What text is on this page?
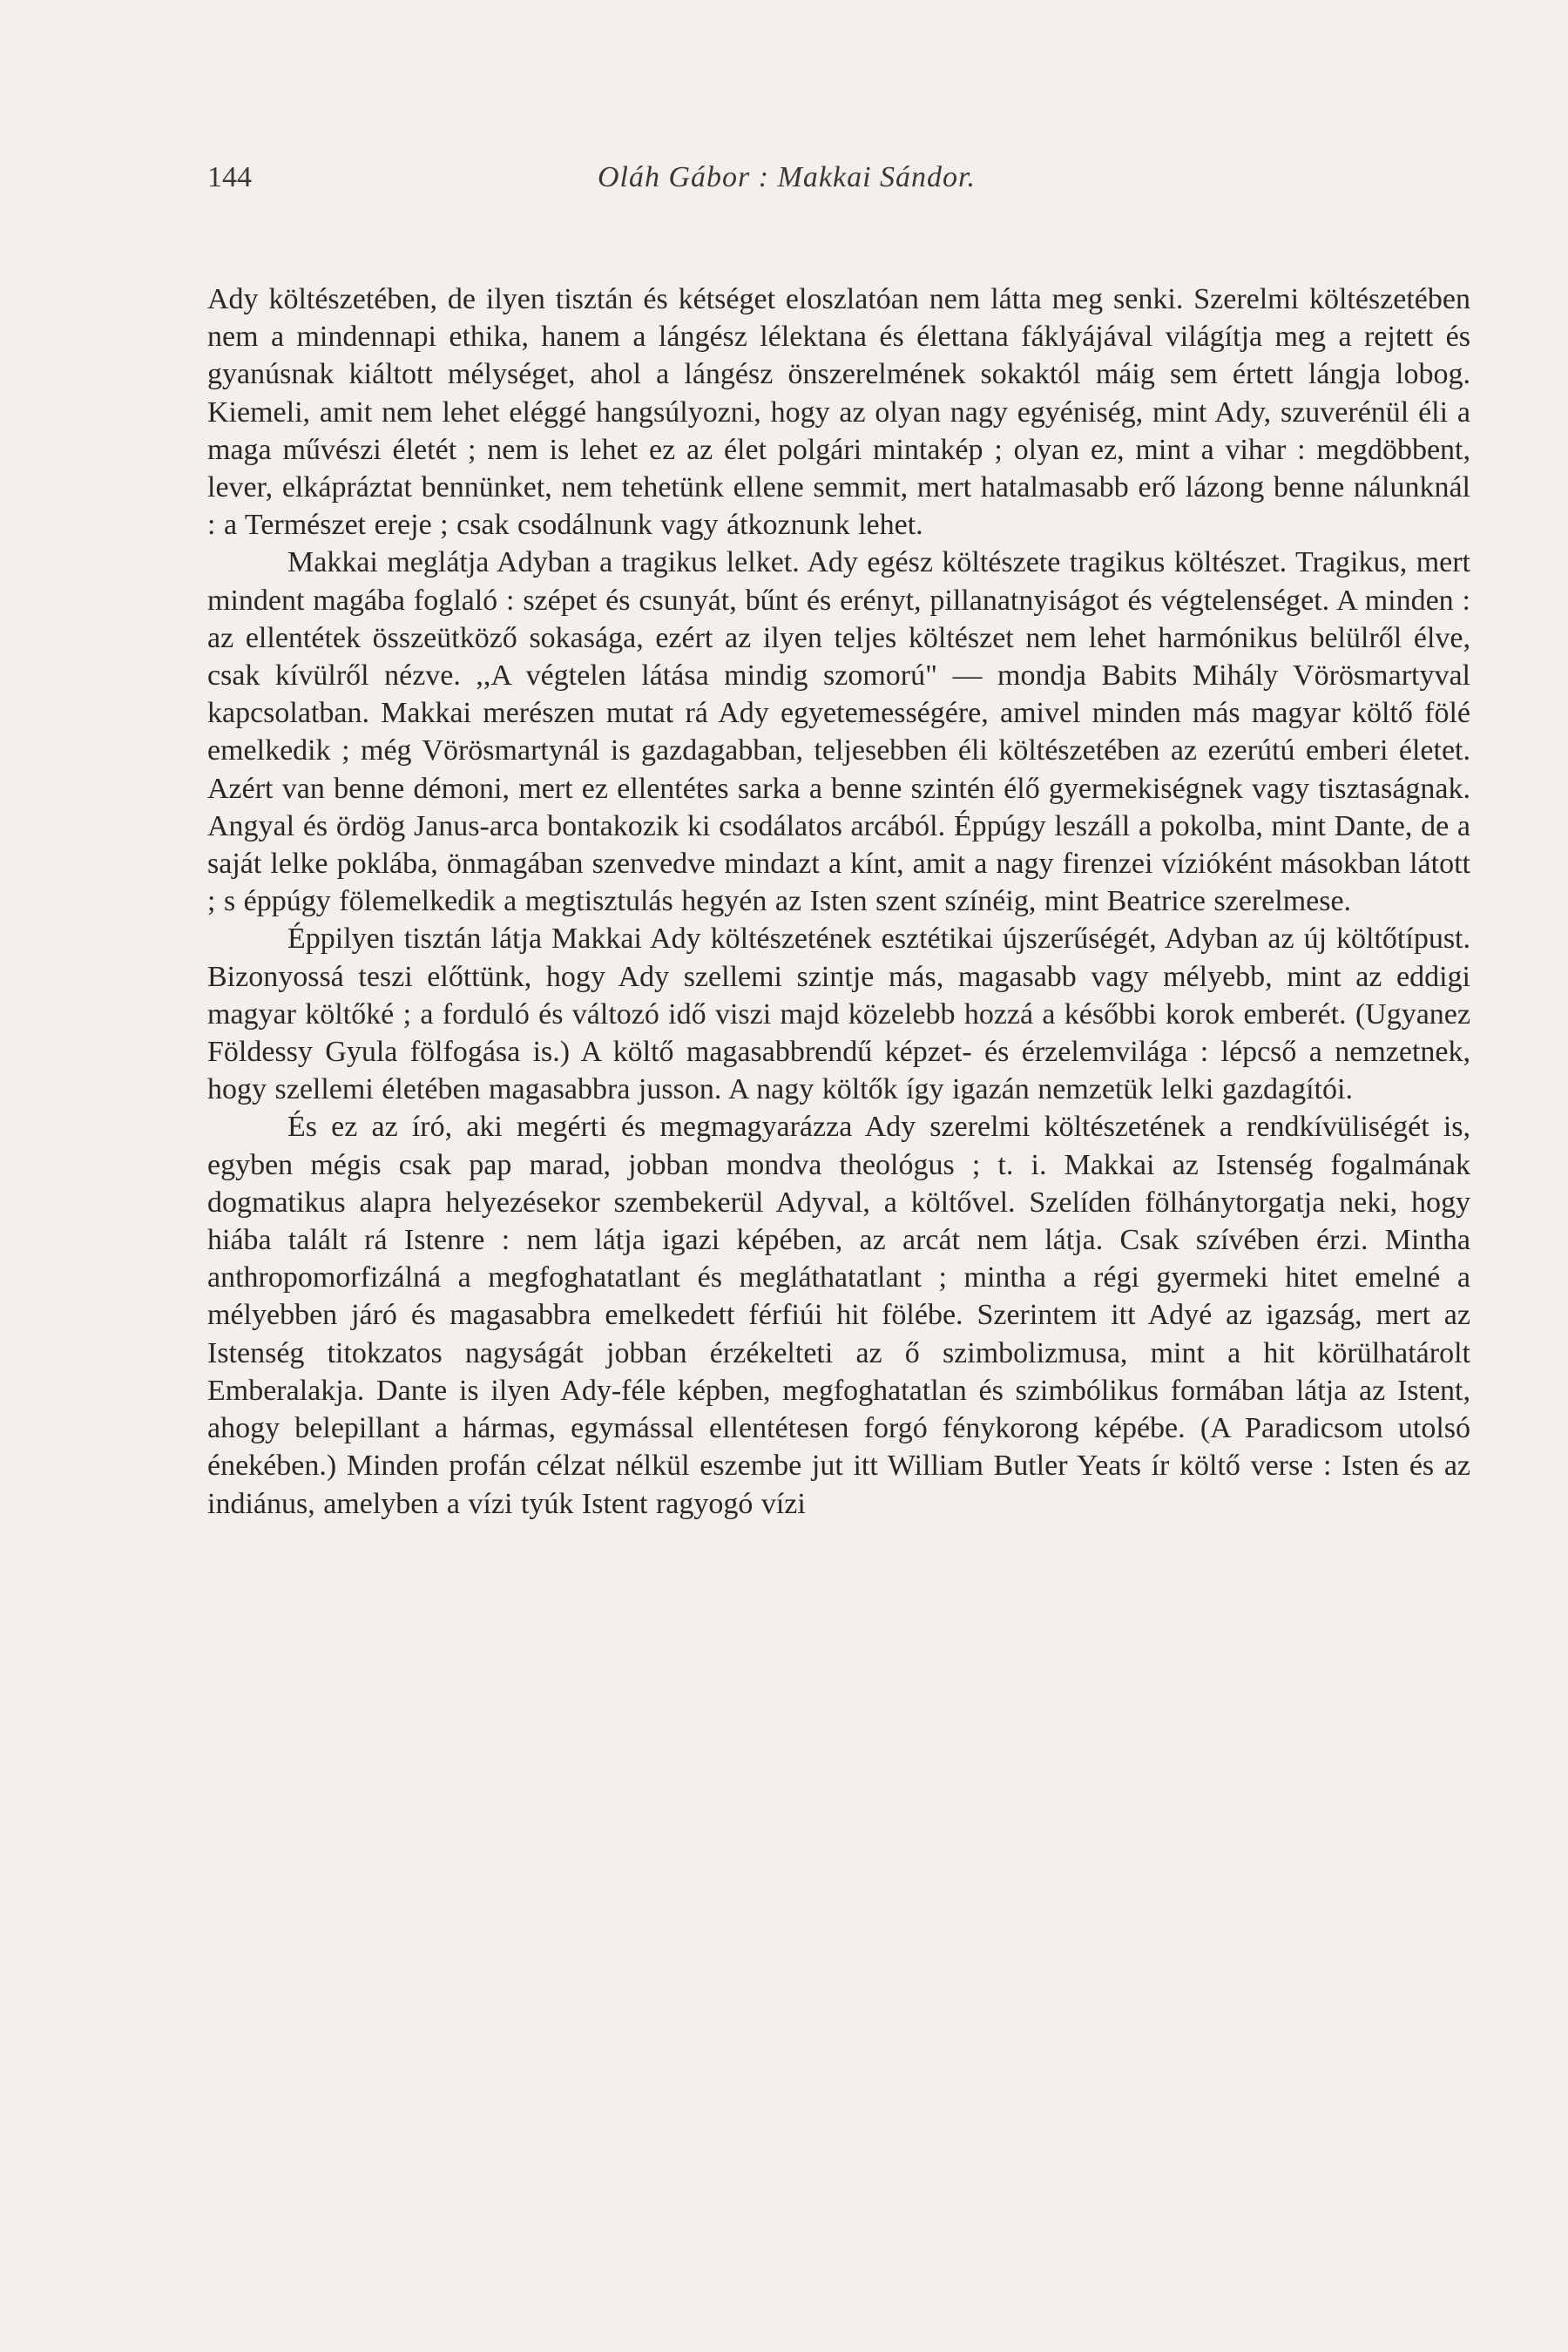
144	Oláh Gábor : Makkai Sándor.

Ady költészetében, de ilyen tisztán és kétséget eloszlatóan nem látta meg senki. Szerelmi költészetében nem a mindennapi ethika, hanem a lángész lélektana és élettana fáklyájával világítja meg a rejtett és gyanúsnak kiáltott mélységet, ahol a lángész önszerelmének sokaktól máig sem értett lángja lobog. Kiemeli, amit nem lehet eléggé hangsúlyozni, hogy az olyan nagy egyéniség, mint Ady, szuverénül éli a maga művészi életét ; nem is lehet ez az élet polgári mintakép ; olyan ez, mint a vihar : megdöbbent, lever, elkápráztat bennünket, nem tehetünk ellene semmit, mert hatalmasabb erő lázong benne nálunknál : a Természet ereje ; csak csodálnunk vagy átkoznunk lehet.

Makkai meglátja Adyban a tragikus lelket. Ady egész költészete tragikus költészet. Tragikus, mert mindent magába foglaló : szépet és csunyát, bűnt és erényt, pillanatnyiságot és végtelenséget. A minden : az ellentétek összeütköző sokasága, ezért az ilyen teljes költészet nem lehet harmónikus belülről élve, csak kívülről nézve. ,,A végtelen látása mindig szomorú" — mondja Babits Mihály Vörösmartyval kapcsolatban. Makkai merészen mutat rá Ady egyetemességére, amivel minden más magyar költő fölé emelkedik ; még Vörösmartynál is gazdagabban, teljesebben éli költészetében az ezerútú emberi életet. Azért van benne démoni, mert ez ellentétes sarka a benne szintén élő gyermekiségnek vagy tisztaságnak. Angyal és ördög Janus-arca bontakozik ki csodálatos arcából. Éppúgy leszáll a pokolba, mint Dante, de a saját lelke poklába, önmagában szenvedve mindazt a kínt, amit a nagy firenzei vízióként másokban látott ; s éppúgy fölemelkedik a megtisztulás hegyén az Isten szent színéig, mint Beatrice szerelmese.

Éppilyen tisztán látja Makkai Ady költészetének esztétikai újszerűségét, Adyban az új költőtípust. Bizonyossá teszi előttünk, hogy Ady szellemi szintje más, magasabb vagy mélyebb, mint az eddigi magyar költőké ; a forduló és változó idő viszi majd közelebb hozzá a későbbi korok emberét. (Ugyanez Földessy Gyula fölfogása is.) A költő magasabbrendű képzet- és érzelemvilága : lépcső a nemzetnek, hogy szellemi életében magasabbra jusson. A nagy költők így igazán nemzetük lelki gazdagítói.

És ez az író, aki megérti és megmagyarázza Ady szerelmi költészetének a rendkívüliségét is, egyben mégis csak pap marad, jobban mondva theológus ; t. i. Makkai az Istenség fogalmának dogmatikus alapra helyezésekor szembekerül Adyval, a költővel. Szelíden fölhánytorgatja neki, hogy hiába talált rá Istenre : nem látja igazi képében, az arcát nem látja. Csak szívében érzi. Mintha anthropomorfizálná a megfoghatatlant és megláthatatlant ; mintha a régi gyermeki hitet emelné a mélyebben járó és magasabbra emelkedett férfiúi hit fölébe. Szerintem itt Adyé az igazság, mert az Istenség titokzatos nagyságát jobban érzékelteti az ő szimbolizmusa, mint a hit körülhatárolt Emberalakja. Dante is ilyen Ady-féle képben, megfoghatatlan és szimbólikus formában látja az Istent, ahogy belepillant a hármas, egymással ellentétesen forgó fénykorong képébe. (A Paradicsom utolsó énekében.) Minden profán célzat nélkül eszembe jut itt William Butler Yeats ír költő verse : Isten és az indiánus, amelyben a vízi tyúk Istent ragyogó vízi
